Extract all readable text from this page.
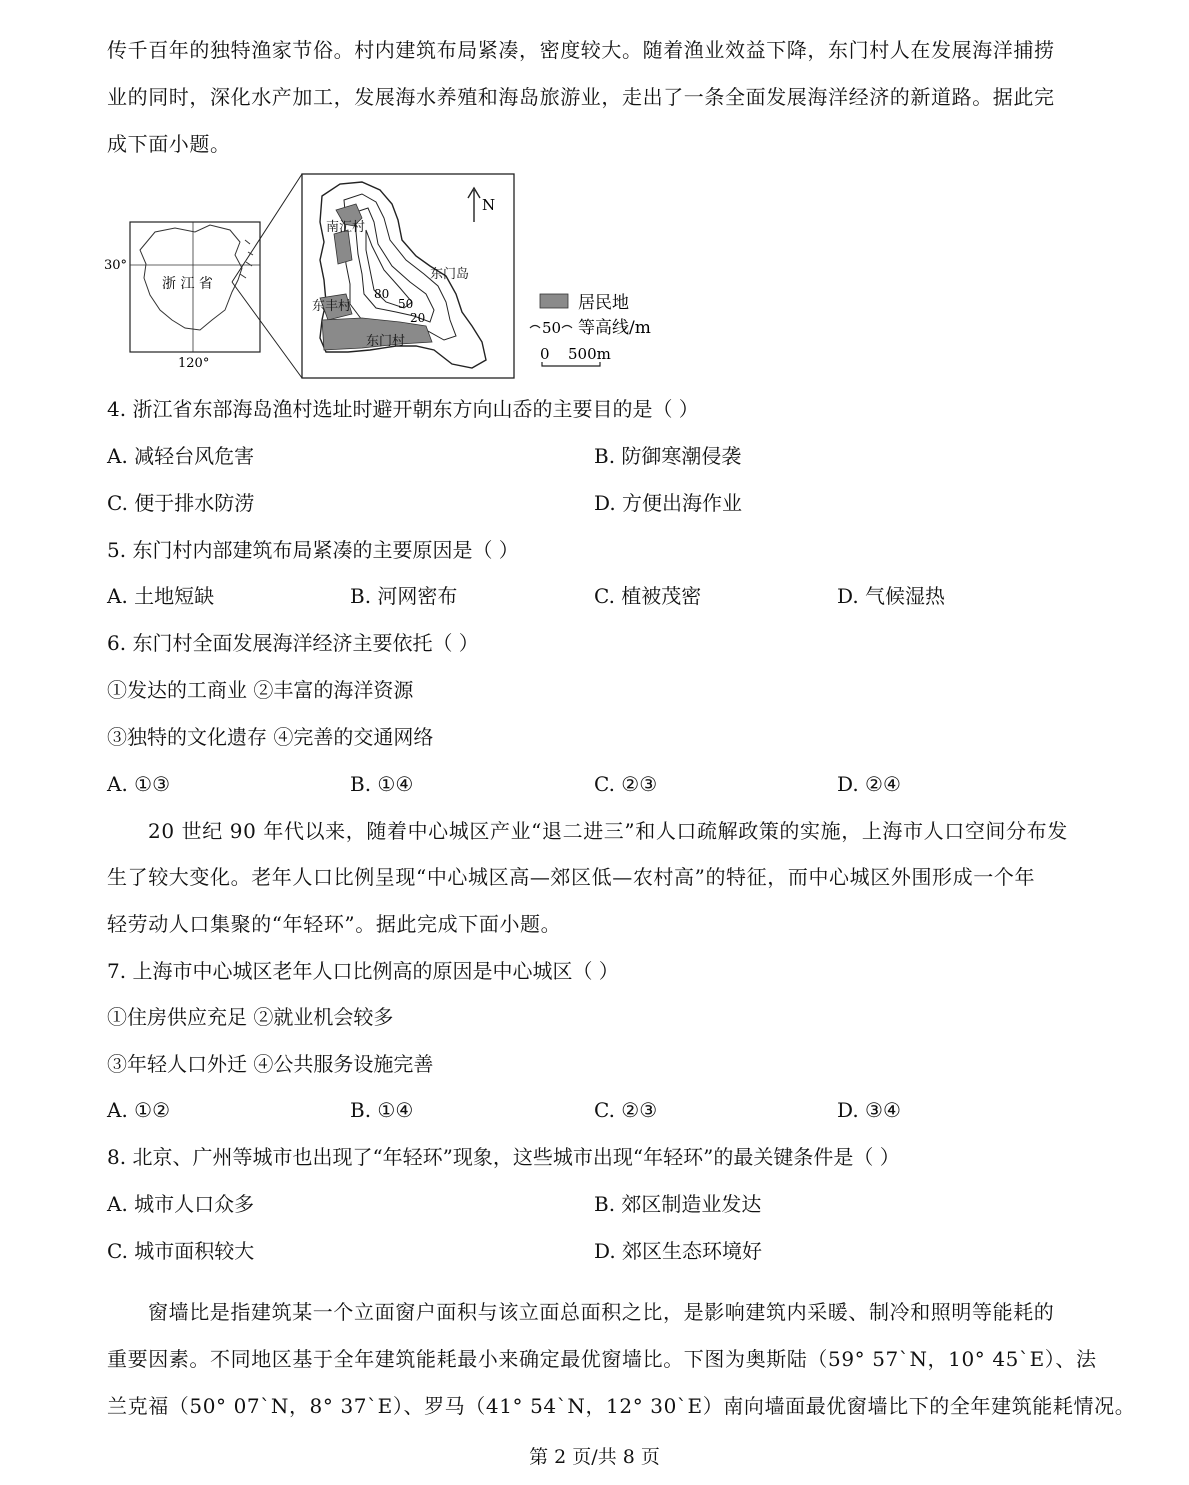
传千百年的独特渔家节俗。村内建筑布局紧凑，密度较大。随着渔业效益下降，东门村人在发展海洋捕捞
业的同时，深化水产加工，发展海水养殖和海岛旅游业，走出了一条全面发展海洋经济的新道路。据此完
成下面小题。
30°
120°
浙 江 省
南汇村
东丰村
东门村
东门岛
80
50
20
N
居民地
50 等高线/m
0 500m
4. 浙江省东部海岛渔村选址时避开朝东方向山岙的主要目的是（ ）
A. 减轻台风危害	B. 防御寒潮侵袭
C. 便于排水防涝	D. 方便出海作业
5. 东门村内部建筑布局紧凑的主要原因是（ ）
A. 土地短缺	B. 河网密布	C. 植被茂密	D. 气候湿热
6. 东门村全面发展海洋经济主要依托（ ）
①发达的工商业 ②丰富的海洋资源
③独特的文化遗存 ④完善的交通网络
A. ①③	B. ①④	C. ②③	D. ②④
20 世纪 90 年代以来，随着中心城区产业“退二进三”和人口疏解政策的实施，上海市人口空间分布发
生了较大变化。老年人口比例呈现“中心城区高—郊区低—农村高”的特征，而中心城区外围形成一个年
轻劳动人口集聚的“年轻环”。据此完成下面小题。
7. 上海市中心城区老年人口比例高的原因是中心城区（ ）
①住房供应充足 ②就业机会较多
③年轻人口外迁 ④公共服务设施完善
A. ①②	B. ①④	C. ②③	D. ③④
8. 北京、广州等城市也出现了“年轻环”现象，这些城市出现“年轻环”的最关键条件是（ ）
A. 城市人口众多	B. 郊区制造业发达
C. 城市面积较大	D. 郊区生态环境好
窗墙比是指建筑某一个立面窗户面积与该立面总面积之比，是影响建筑内采暖、制冷和照明等能耗的
重要因素。不同地区基于全年建筑能耗最小来确定最优窗墙比。下图为奥斯陆（59° 57`N，10° 45`E）、法
兰克福（50° 07`N，8° 37`E）、罗马（41° 54`N，12° 30`E）南向墙面最优窗墙比下的全年建筑能耗情况。
第 2 页/共 8 页
